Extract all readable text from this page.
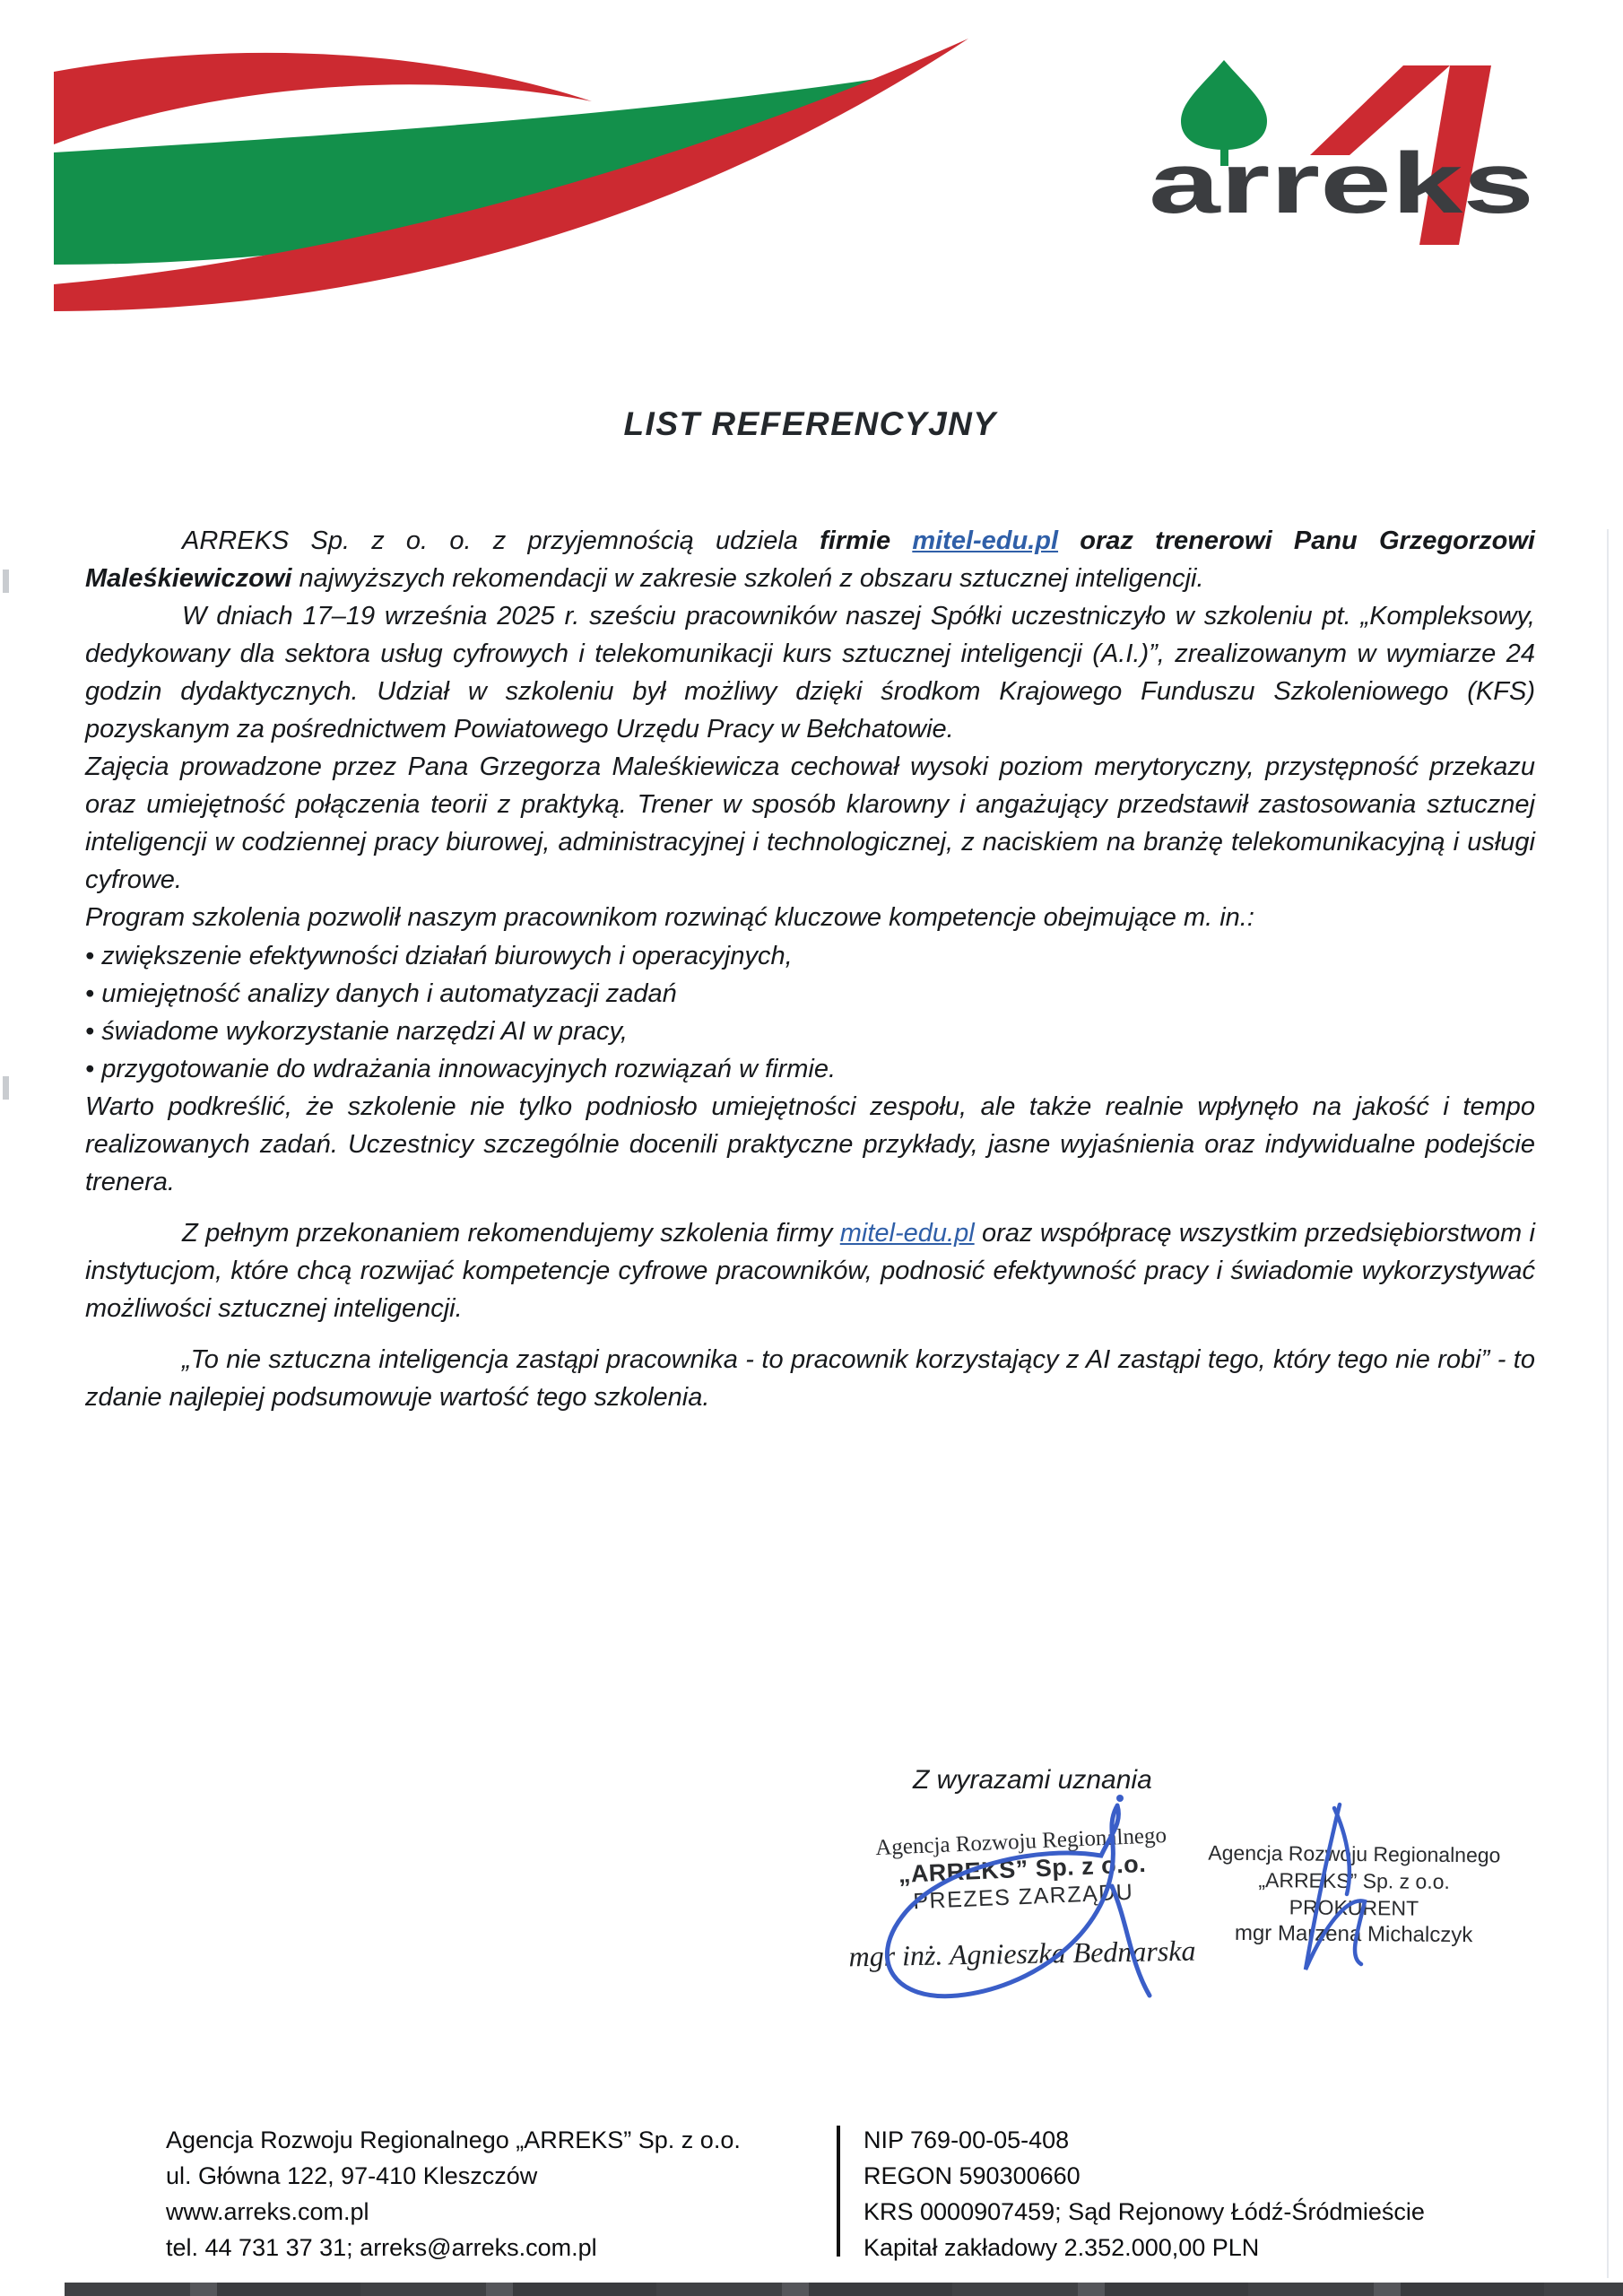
arreks
LIST REFERENCYJNY

ARREKS Sp. z o. o. z przyjemnością udziela firmie mitel-edu.pl oraz trenerowi Panu Grzegorzowi Maleśkiewiczowi najwyższych rekomendacji w zakresie szkoleń z obszaru sztucznej inteligencji.

W dniach 17–19 września 2025 r. sześciu pracowników naszej Spółki uczestniczyło w szkoleniu pt. „Kompleksowy, dedykowany dla sektora usług cyfrowych i telekomunikacji kurs sztucznej inteligencji (A.I.)”, zrealizowanym w wymiarze 24 godzin dydaktycznych. Udział w szkoleniu był możliwy dzięki środkom Krajowego Funduszu Szkoleniowego (KFS) pozyskanym za pośrednictwem Powiatowego Urzędu Pracy w Bełchatowie.

Zajęcia prowadzone przez Pana Grzegorza Maleśkiewicza cechował wysoki poziom merytoryczny, przystępność przekazu oraz umiejętność połączenia teorii z praktyką. Trener w sposób klarowny i angażujący przedstawił zastosowania sztucznej inteligencji w codziennej pracy biurowej, administracyjnej i technologicznej, z naciskiem na branżę telekomunikacyjną i usługi cyfrowe.

Program szkolenia pozwolił naszym pracownikom rozwinąć kluczowe kompetencje obejmujące m. in.:

• zwiększenie efektywności działań biurowych i operacyjnych,
• umiejętność analizy danych i automatyzacji zadań
• świadome wykorzystanie narzędzi AI w pracy,
• przygotowanie do wdrażania innowacyjnych rozwiązań w firmie.

Warto podkreślić, że szkolenie nie tylko podniosło umiejętności zespołu, ale także realnie wpłynęło na jakość i tempo realizowanych zadań. Uczestnicy szczególnie docenili praktyczne przykłady, jasne wyjaśnienia oraz indywidualne podejście trenera.

Z pełnym przekonaniem rekomendujemy szkolenia firmy mitel-edu.pl oraz współpracę wszystkim przedsiębiorstwom i instytucjom, które chcą rozwijać kompetencje cyfrowe pracowników, podnosić efektywność pracy i świadomie wykorzystywać możliwości sztucznej inteligencji.

„To nie sztuczna inteligencja zastąpi pracownika - to pracownik korzystający z AI zastąpi tego, który tego nie robi” - to zdanie najlepiej podsumowuje wartość tego szkolenia.

Z wyrazami uznania
Agencja Rozwoju Regionalnego
„ARREKS” Sp. z o.o.
PREZES ZARZĄDU
mgr inż. Agnieszka Bednarska
Agencja Rozwoju Regionalnego
„ARREKS” Sp. z o.o.
PROKURENT
mgr Marzena Michalczyk
Agencja Rozwoju Regionalnego „ARREKS” Sp. z o.o.
ul. Główna 122, 97-410 Kleszczów
www.arreks.com.pl
tel. 44 731 37 31; arreks@arreks.com.pl
NIP 769-00-05-408
REGON 590300660
KRS 0000907459; Sąd Rejonowy Łódź-Śródmieście
Kapitał zakładowy 2.352.000,00 PLN
